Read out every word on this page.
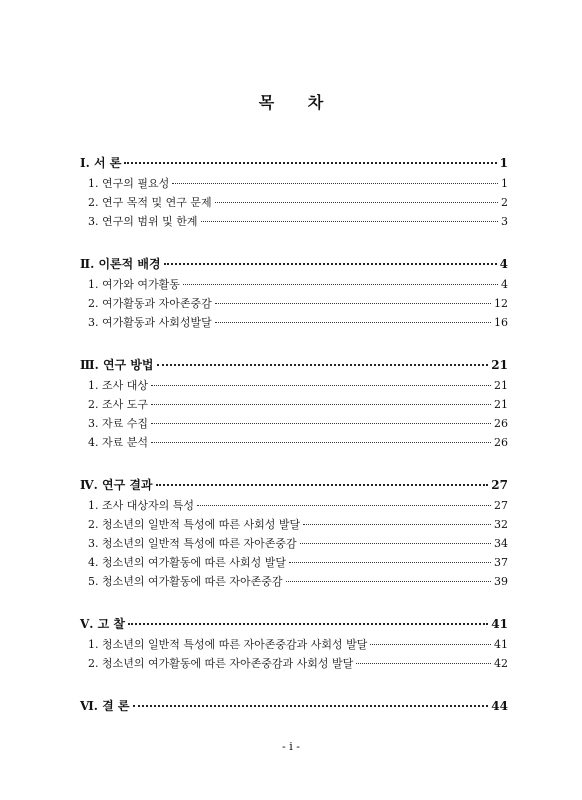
목 차
Ⅰ. 서 론	1
1. 연구의 필요성	1
2. 연구 목적 및 연구 문제	2
3. 연구의 범위 및 한계	3
Ⅱ. 이론적 배경	4
1. 여가와 여가활동	4
2. 여가활동과 자아존중감	12
3. 여가활동과 사회성발달	16
Ⅲ. 연구 방법	21
1. 조사 대상	21
2. 조사 도구	21
3. 자료 수집	26
4. 자료 분석	26
Ⅳ. 연구 결과	27
1. 조사 대상자의 특성	27
2. 청소년의 일반적 특성에 따른 사회성 발달	32
3. 청소년의 일반적 특성에 따른 자아존중감	34
4. 청소년의 여가활동에 따른 사회성 발달	37
5. 청소년의 여가활동에 따른 자아존중감	39
Ⅴ. 고 찰	41
1. 청소년의 일반적 특성에 따른 자아존중감과 사회성 발달	41
2. 청소년의 여가활동에 따른 자아존중감과 사회성 발달	42
Ⅵ. 결 론	44
- i -
